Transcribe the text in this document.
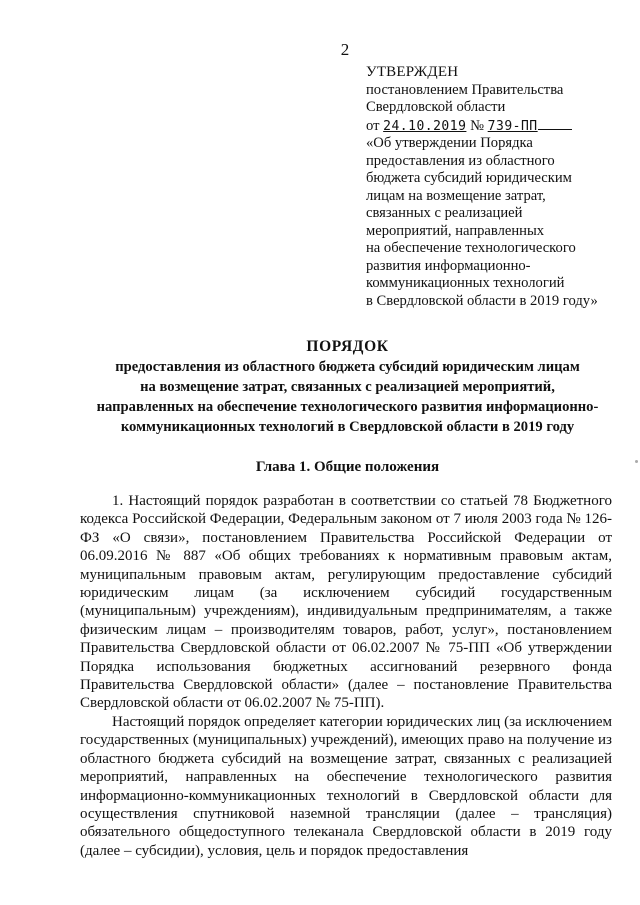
2
УТВЕРЖДЕН
постановлением Правительства
Свердловской области
от 24.10.2019 № 739-ПП
«Об утверждении Порядка
предоставления из областного
бюджета субсидий юридическим
лицам на возмещение затрат,
связанных с реализацией
мероприятий, направленных
на обеспечение технологического
развития информационно-
коммуникационных технологий
в Свердловской области в 2019 году»
ПОРЯДОК
предоставления из областного бюджета субсидий юридическим лицам
на возмещение затрат, связанных с реализацией мероприятий,
направленных на обеспечение технологического развития информационно-
коммуникационных технологий в Свердловской области в 2019 году
Глава 1. Общие положения

1. Настоящий порядок разработан в соответствии со статьей 78 Бюджетного кодекса Российской Федерации, Федеральным законом от 7 июля 2003 года № 126-ФЗ «О связи», постановлением Правительства Российской Федерации от 06.09.2016 № 887 «Об общих требованиях к нормативным правовым актам, муниципальным правовым актам, регулирующим предоставление субсидий юридическим лицам (за исключением субсидий государственным (муниципальным) учреждениям), индивидуальным предпринимателям, а также физическим лицам – производителям товаров, работ, услуг», постановлением Правительства Свердловской области от 06.02.2007 № 75-ПП «Об утверждении Порядка использования бюджетных ассигнований резервного фонда Правительства Свердловской области» (далее – постановление Правительства Свердловской области от 06.02.2007 № 75-ПП).

Настоящий порядок определяет категории юридических лиц (за исключением государственных (муниципальных) учреждений), имеющих право на получение из областного бюджета субсидий на возмещение затрат, связанных с реализацией мероприятий, направленных на обеспечение технологического развития информационно-коммуникационных технологий в Свердловской области для осуществления спутниковой наземной трансляции (далее – трансляция) обязательного общедоступного телеканала Свердловской области в 2019 году (далее – субсидии), условия, цель и порядок предоставления
